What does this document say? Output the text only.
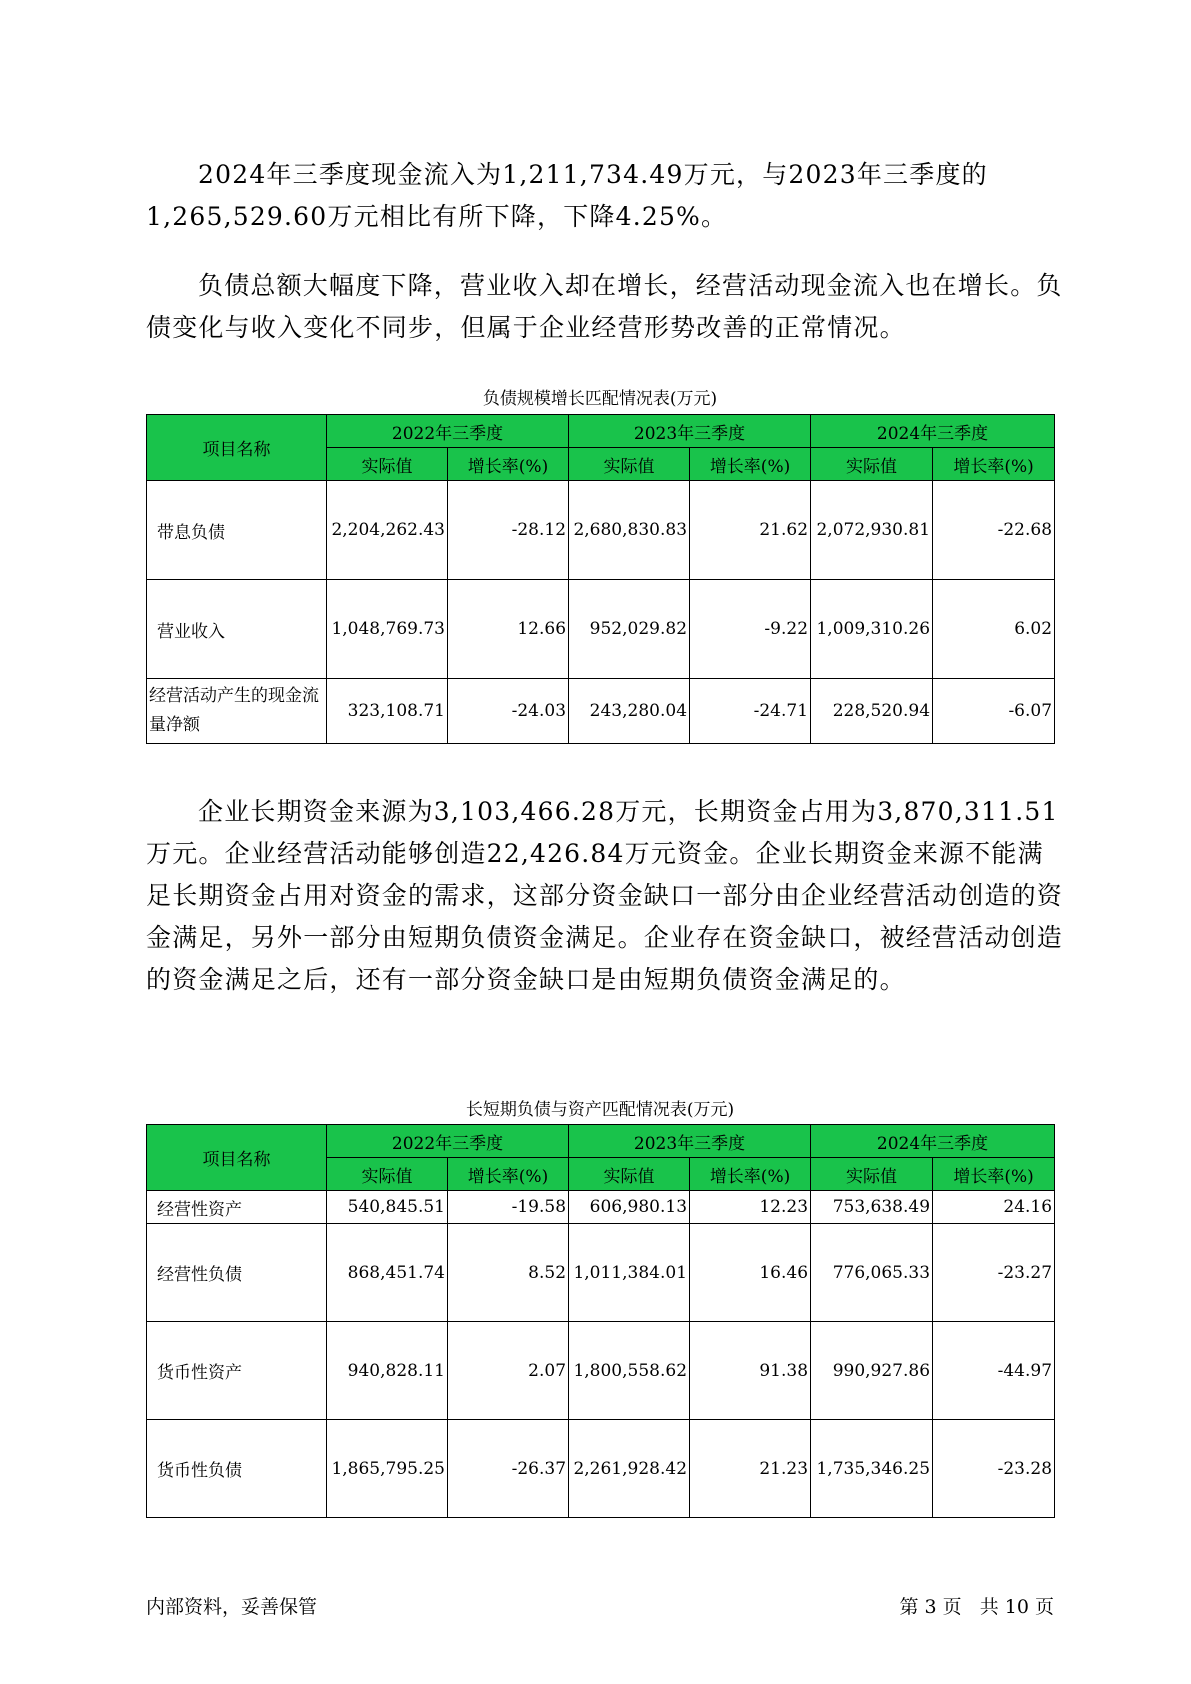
2024年三季度现金流入为1,211,734.49万元，与2023年三季度的1,265,529.60万元相比有所下降，下降4.25%。

负债总额大幅度下降，营业收入却在增长，经营活动现金流入也在增长。负债变化与收入变化不同步，但属于企业经营形势改善的正常情况。

负债规模增长匹配情况表(万元)

项目名称	2022年三季度		2023年三季度		2024年三季度	
	实际值	增长率(%)	实际值	增长率(%)	实际值	增长率(%)
带息负债	2,204,262.43	-28.12	2,680,830.83	21.62	2,072,930.81	-22.68
营业收入	1,048,769.73	12.66	952,029.82	-9.22	1,009,310.26	6.02
经营活动产生的现金流量净额	323,108.71	-24.03	243,280.04	-24.71	228,520.94	-6.07

企业长期资金来源为3,103,466.28万元，长期资金占用为3,870,311.51万元。企业经营活动能够创造22,426.84万元资金。企业长期资金来源不能满足长期资金占用对资金的需求，这部分资金缺口一部分由企业经营活动创造的资金满足，另外一部分由短期负债资金满足。企业存在资金缺口，被经营活动创造的资金满足之后，还有一部分资金缺口是由短期负债资金满足的。

长短期负债与资产匹配情况表(万元)

项目名称	2022年三季度		2023年三季度		2024年三季度	
	实际值	增长率(%)	实际值	增长率(%)	实际值	增长率(%)
经营性资产	540,845.51	-19.58	606,980.13	12.23	753,638.49	24.16
经营性负债	868,451.74	8.52	1,011,384.01	16.46	776,065.33	-23.27
货币性资产	940,828.11	2.07	1,800,558.62	91.38	990,927.86	-44.97
货币性负债	1,865,795.25	-26.37	2,261,928.42	21.23	1,735,346.25	-23.28
内部资料，妥善保管	第 3 页   共 10 页
